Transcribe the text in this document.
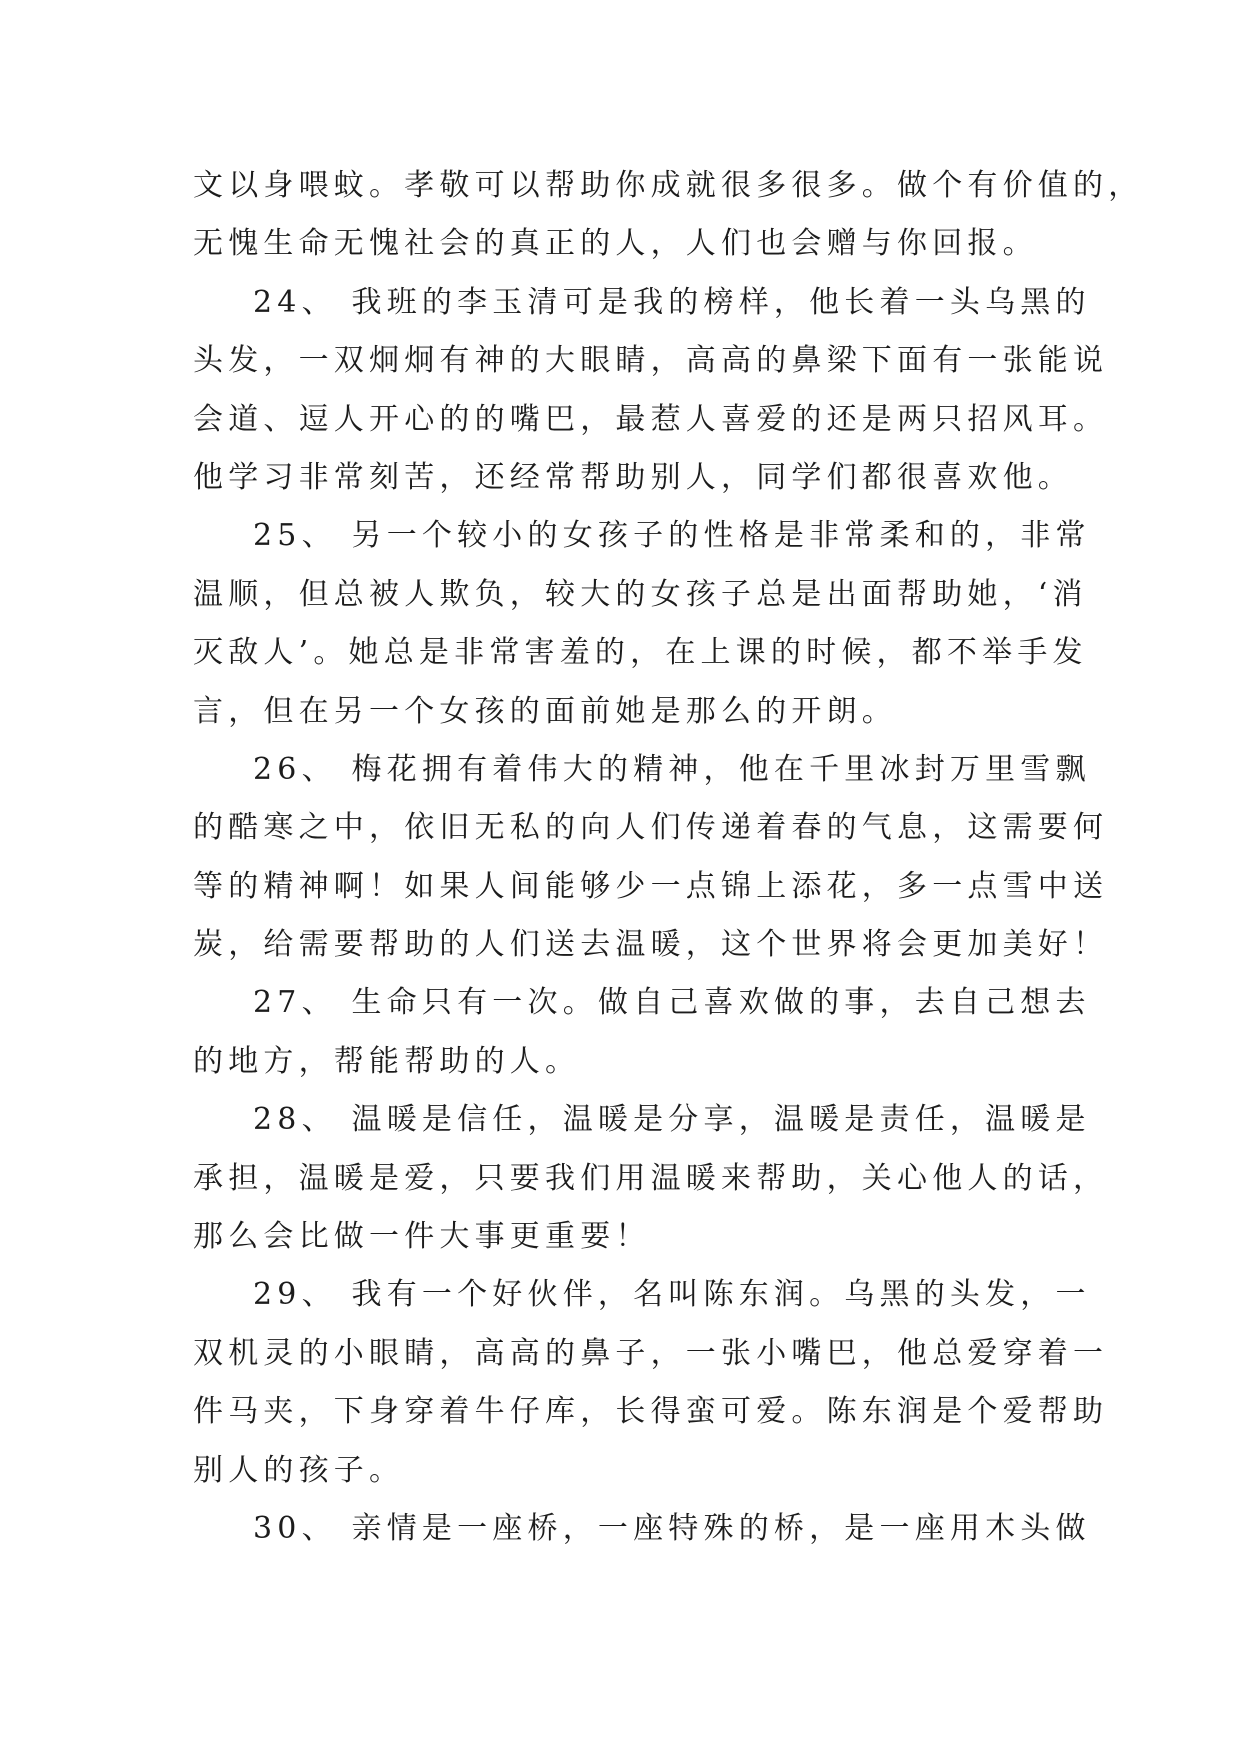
文以身喂蚊。孝敬可以帮助你成就很多很多。做个有价值的，
无愧生命无愧社会的真正的人，人们也会赠与你回报。
24、 我班的李玉清可是我的榜样，他长着一头乌黑的
头发，一双炯炯有神的大眼睛，高高的鼻梁下面有一张能说
会道、逗人开心的的嘴巴，最惹人喜爱的还是两只招风耳。
他学习非常刻苦，还经常帮助别人，同学们都很喜欢他。
25、 另一个较小的女孩子的性格是非常柔和的，非常
温顺，但总被人欺负，较大的女孩子总是出面帮助她，‘消
灭敌人’。她总是非常害羞的，在上课的时候，都不举手发
言，但在另一个女孩的面前她是那么的开朗。
26、 梅花拥有着伟大的精神，他在千里冰封万里雪飘
的酷寒之中，依旧无私的向人们传递着春的气息，这需要何
等的精神啊！如果人间能够少一点锦上添花，多一点雪中送
炭，给需要帮助的人们送去温暖，这个世界将会更加美好！
27、 生命只有一次。做自己喜欢做的事，去自己想去
的地方，帮能帮助的人。
28、 温暖是信任，温暖是分享，温暖是责任，温暖是
承担，温暖是爱，只要我们用温暖来帮助，关心他人的话，
那么会比做一件大事更重要！
29、 我有一个好伙伴，名叫陈东润。乌黑的头发，一
双机灵的小眼睛，高高的鼻子，一张小嘴巴，他总爱穿着一
件马夹，下身穿着牛仔库，长得蛮可爱。陈东润是个爱帮助
别人的孩子。
30、 亲情是一座桥，一座特殊的桥，是一座用木头做
